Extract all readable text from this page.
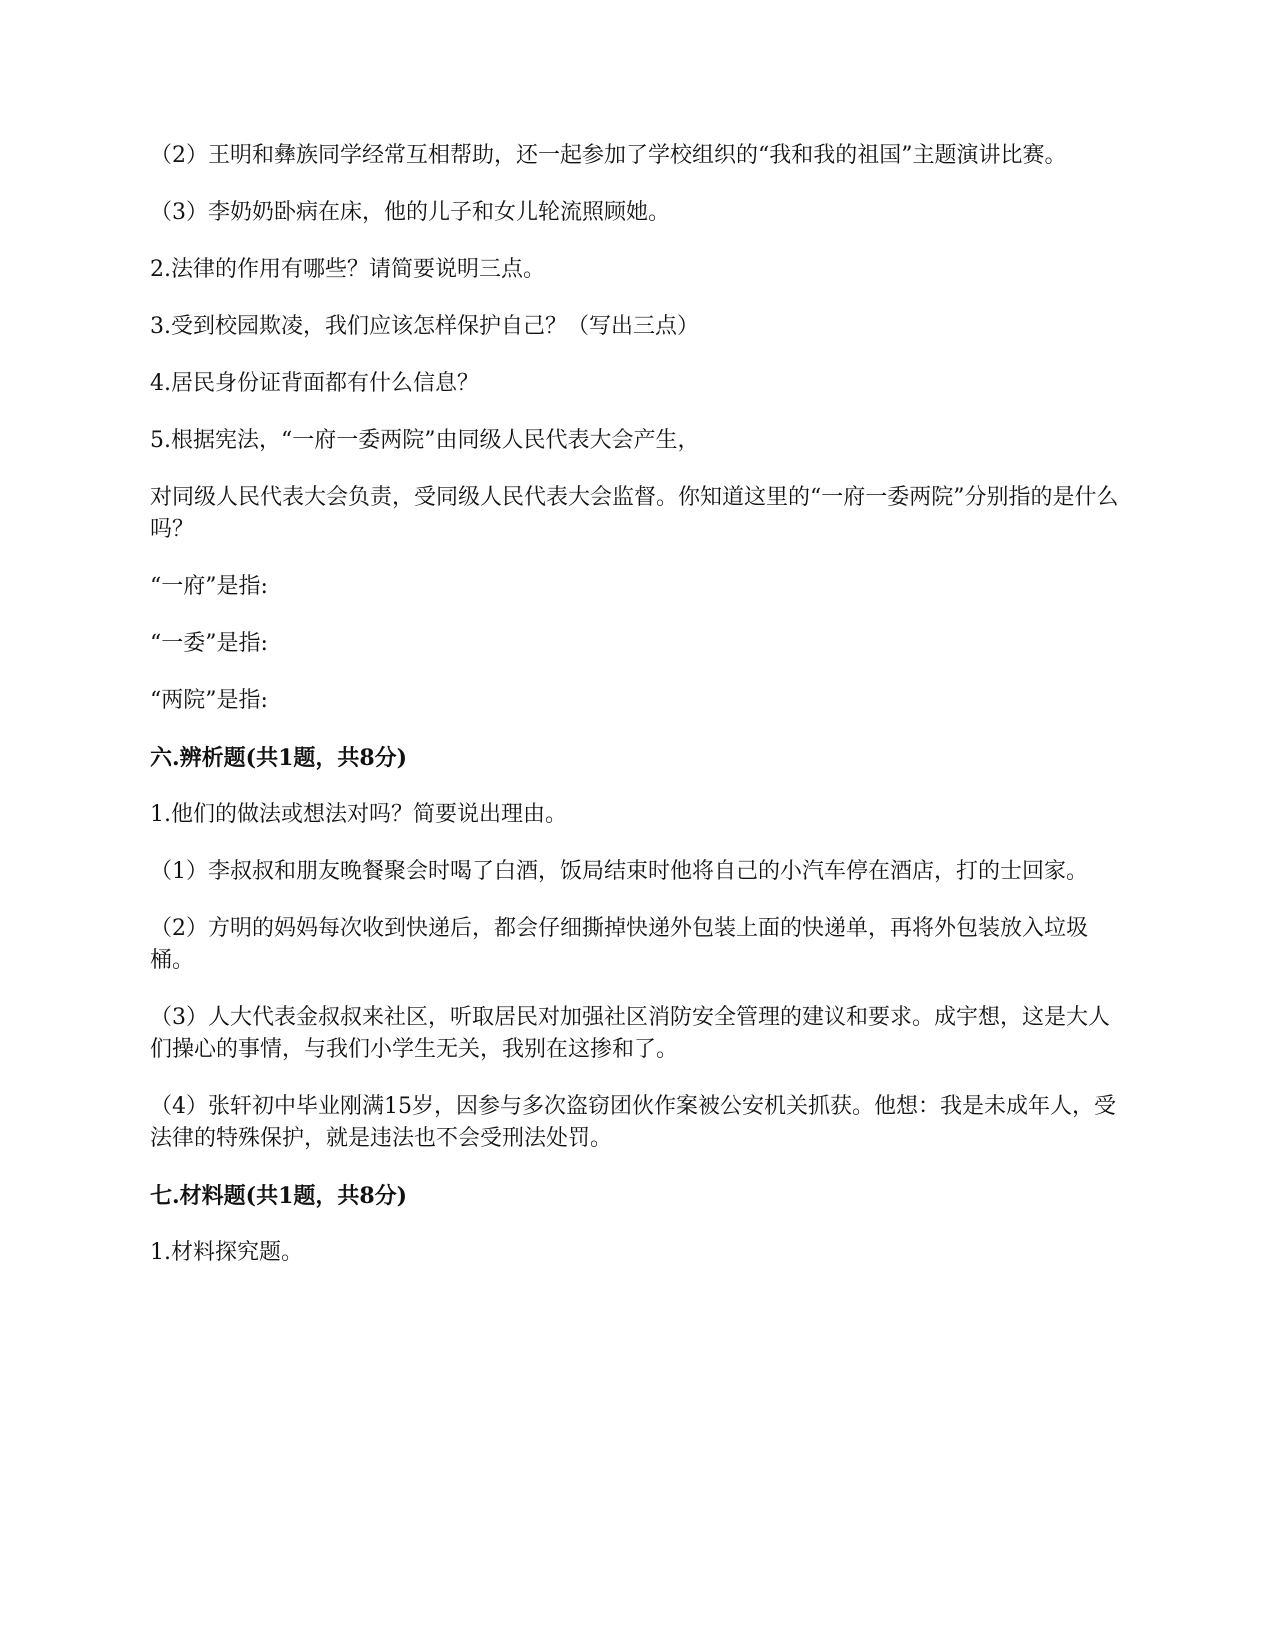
（2）王明和彝族同学经常互相帮助，还一起参加了学校组织的“我和我的祖国”主题演讲比赛。

（3）李奶奶卧病在床，他的儿子和女儿轮流照顾她。

2.法律的作用有哪些？请简要说明三点。

3.受到校园欺凌，我们应该怎样保护自己？（写出三点）

4.居民身份证背面都有什么信息？

5.根据宪法，“一府一委两院”由同级人民代表大会产生，

对同级人民代表大会负责，受同级人民代表大会监督。你知道这里的“一府一委两院”分别指的是什么吗？

“一府”是指:

“一委”是指:

“两院”是指:

六.辨析题(共1题，共8分)

1.他们的做法或想法对吗？简要说出理由。

（1）李叔叔和朋友晚餐聚会时喝了白酒，饭局结束时他将自己的小汽车停在酒店，打的士回家。

（2）方明的妈妈每次收到快递后，都会仔细撕掉快递外包装上面的快递单，再将外包装放入垃圾桶。

（3）人大代表金叔叔来社区，听取居民对加强社区消防安全管理的建议和要求。成宇想，这是大人们操心的事情，与我们小学生无关，我别在这掺和了。

（4）张轩初中毕业刚满15岁，因参与多次盗窃团伙作案被公安机关抓获。他想：我是未成年人，受法律的特殊保护，就是违法也不会受刑法处罚。

七.材料题(共1题，共8分)

1.材料探究题。
